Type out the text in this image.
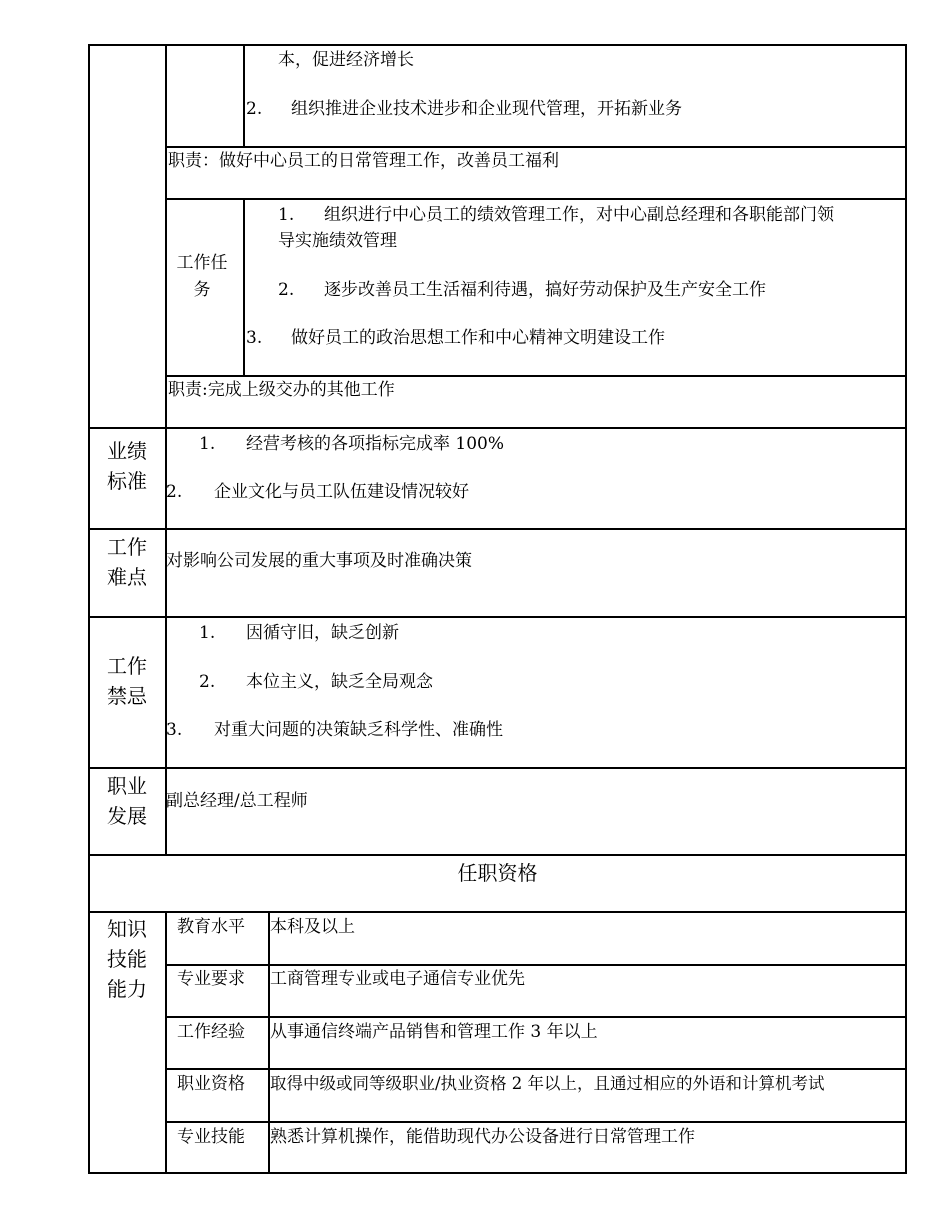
本，促进经济增长
2. 组织推进企业技术进步和企业现代管理，开拓新业务
职责：做好中心员工的日常管理工作，改善员工福利
工作任务
1. 组织进行中心员工的绩效管理工作，对中心副总经理和各职能部门领
导实施绩效管理
2. 逐步改善员工生活福利待遇，搞好劳动保护及生产安全工作
3. 做好员工的政治思想工作和中心精神文明建设工作
职责:完成上级交办的其他工作
业绩标准
1. 经营考核的各项指标完成率 100%
2. 企业文化与员工队伍建设情况较好
工作难点
对影响公司发展的重大事项及时准确决策
工作禁忌
1. 因循守旧，缺乏创新
2. 本位主义，缺乏全局观念
3. 对重大问题的决策缺乏科学性、准确性
职业发展
副总经理/总工程师
任职资格
知识技能能力
教育水平 本科及以上
专业要求 工商管理专业或电子通信专业优先
工作经验 从事通信终端产品销售和管理工作 3 年以上
职业资格 取得中级或同等级职业/执业资格 2 年以上，且通过相应的外语和计算机考试
专业技能 熟悉计算机操作，能借助现代办公设备进行日常管理工作
